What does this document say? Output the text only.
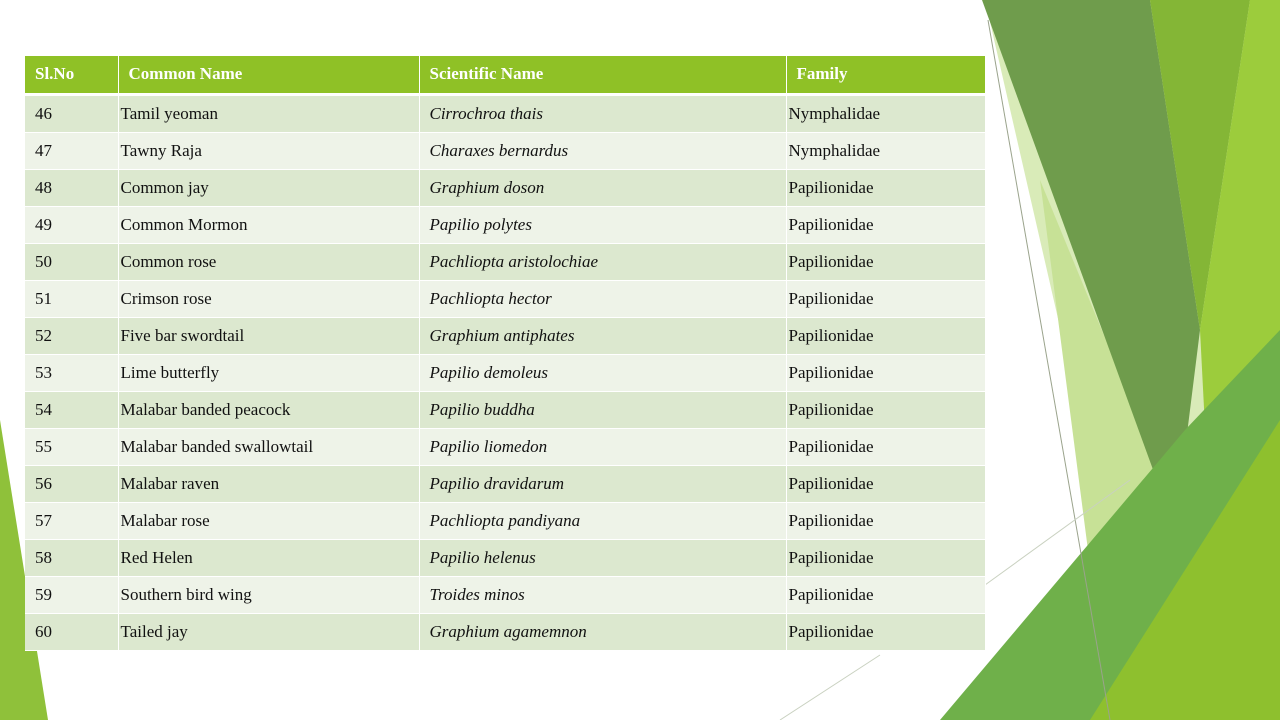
Sl.No	Common Name	Scientific Name	Family
46	Tamil yeoman	Cirrochroa thais	Nymphalidae
47	Tawny Raja	Charaxes bernardus	Nymphalidae
48	Common jay	Graphium doson	Papilionidae
49	Common Mormon	Papilio polytes	Papilionidae
50	Common rose	Pachliopta aristolochiae	Papilionidae
51	Crimson rose	Pachliopta hector	Papilionidae
52	Five bar swordtail	Graphium antiphates	Papilionidae
53	Lime butterfly	Papilio demoleus	Papilionidae
54	Malabar banded peacock	Papilio buddha	Papilionidae
55	Malabar banded swallowtail	Papilio liomedon	Papilionidae
56	Malabar raven	Papilio dravidarum	Papilionidae
57	Malabar rose	Pachliopta pandiyana	Papilionidae
58	Red Helen	Papilio helenus	Papilionidae
59	Southern bird wing	Troides minos	Papilionidae
60	Tailed jay	Graphium agamemnon	Papilionidae
